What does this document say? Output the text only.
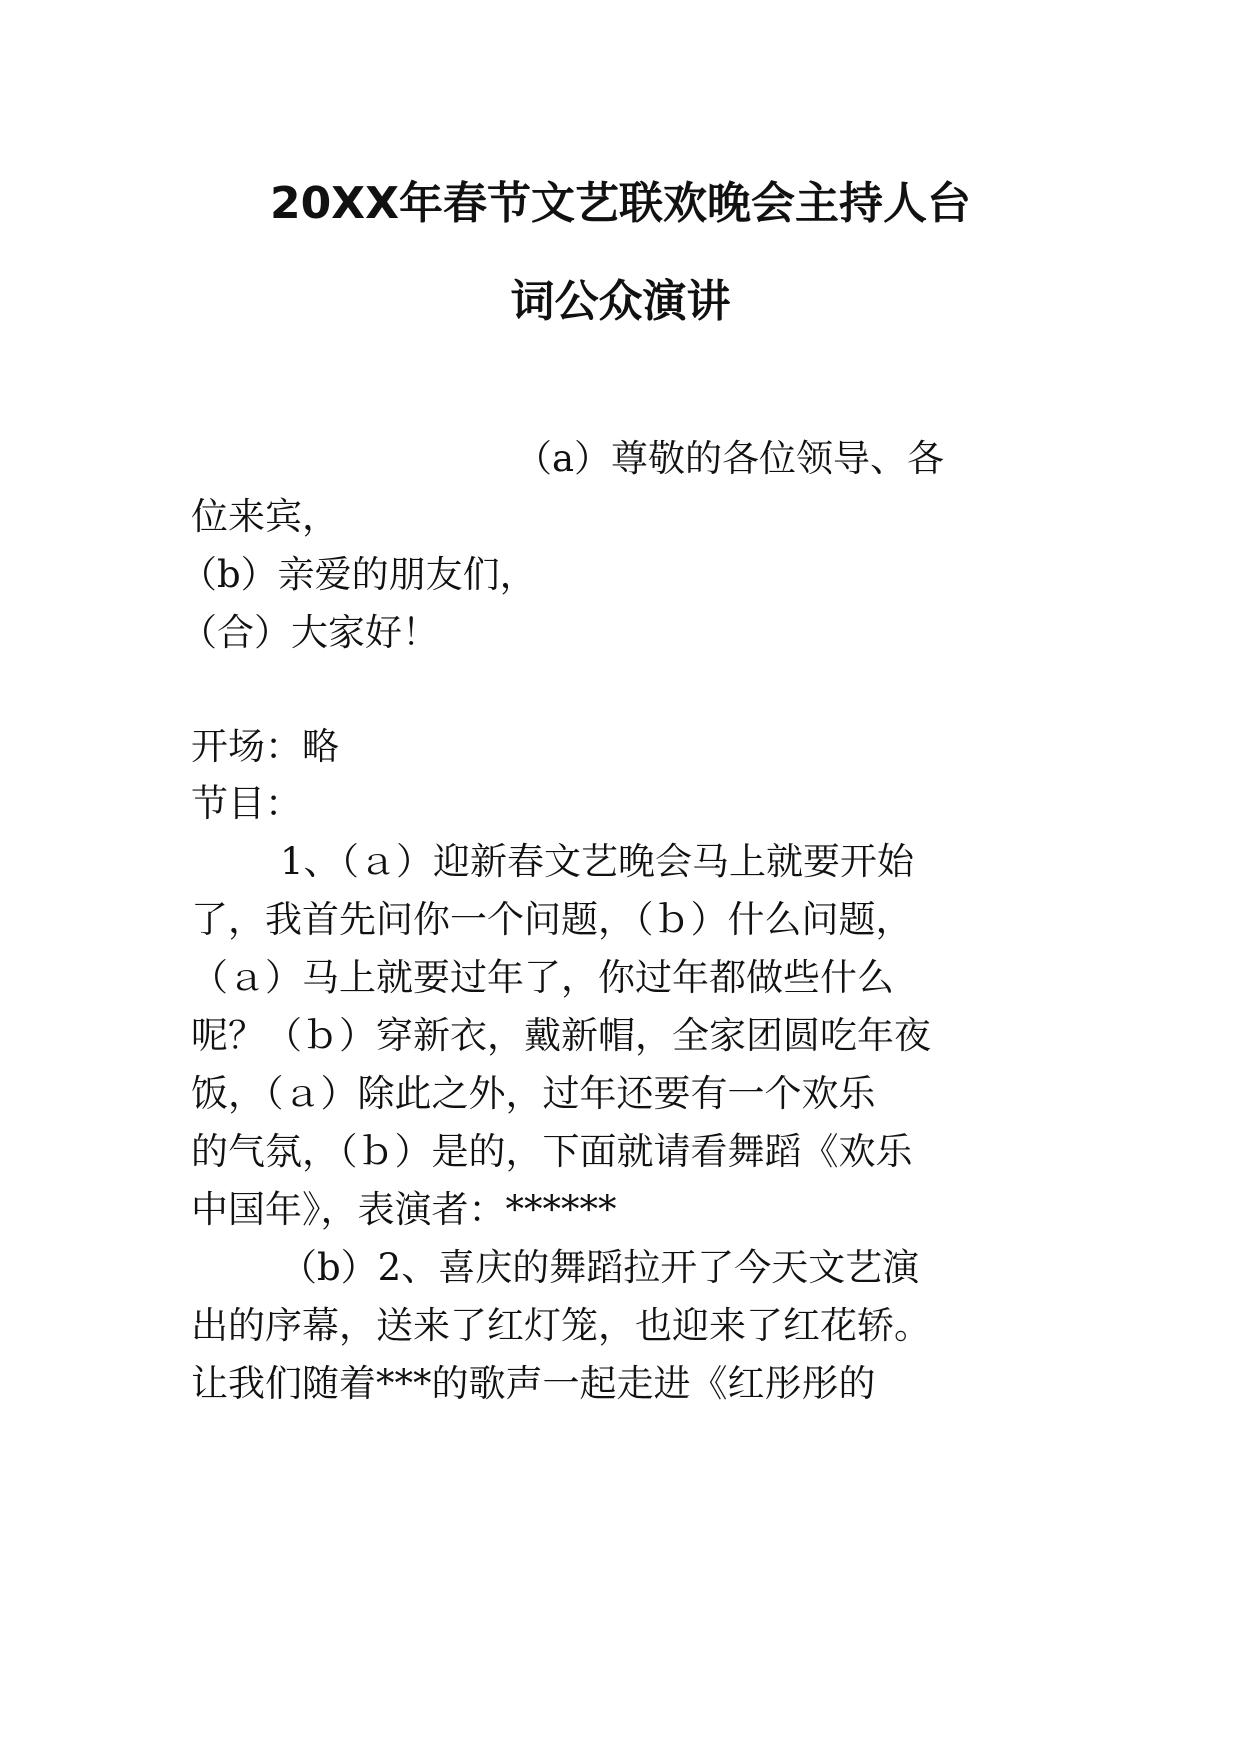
20XX年春节文艺联欢晚会主持人台
词公众演讲
（a）尊敬的各位领导、各
位来宾，
（b）亲爱的朋友们，
（合）大家好！
开场：略
节目：
1、（ａ）迎新春文艺晚会马上就要开始
了，我首先问你一个问题，（ｂ）什么问题，
（ａ）马上就要过年了，你过年都做些什么
呢？（ｂ）穿新衣，戴新帽，全家团圆吃年夜
饭，（ａ）除此之外，过年还要有一个欢乐
的气氛，（ｂ）是的，下面就请看舞蹈《欢乐
中国年》，表演者：******
（b）2、喜庆的舞蹈拉开了今天文艺演
出的序幕，送来了红灯笼，也迎来了红花轿。
让我们随着***的歌声一起走进《红彤彤的
